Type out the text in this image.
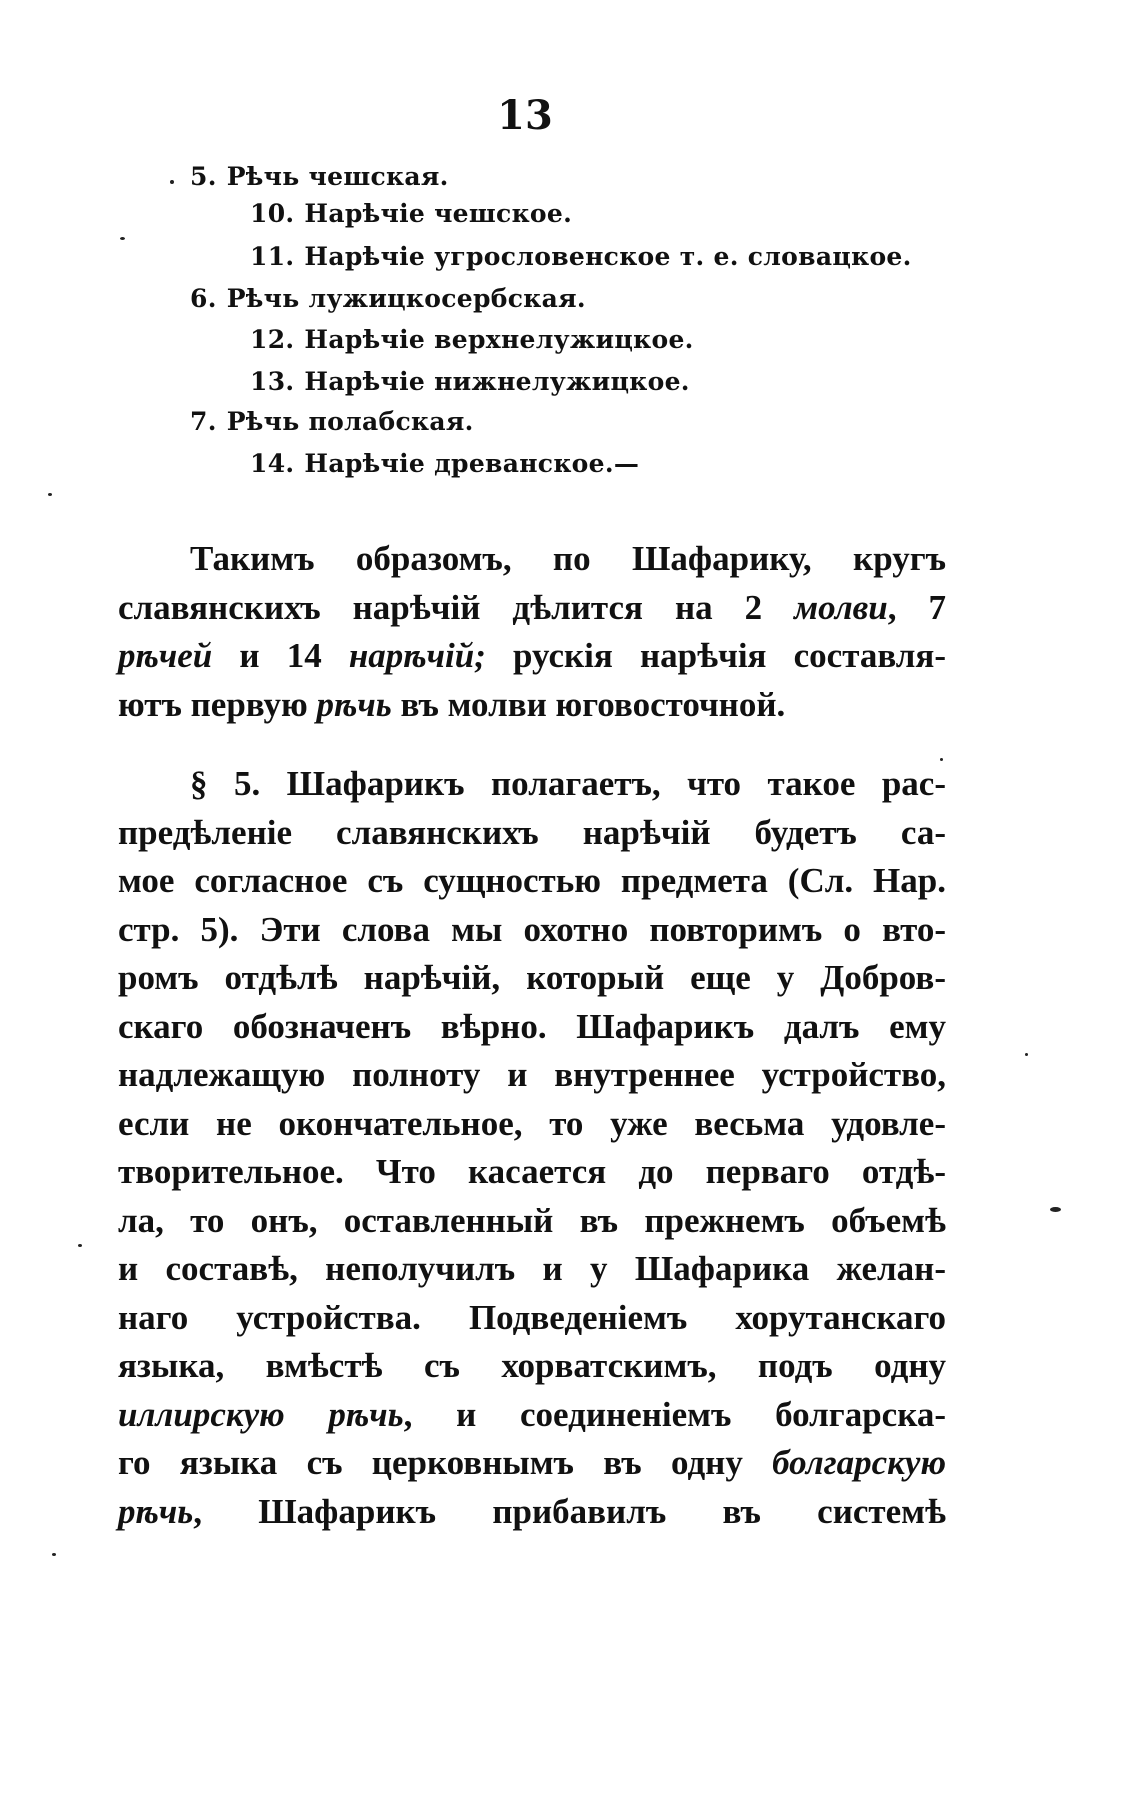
13
5. Рѣчь чешская.
10. Нарѣчіе чешское.
11. Нарѣчіе угрословенское т. е. словацкое.
6. Рѣчь лужицкосербская.
12. Нарѣчіе верхнелужицкое.
13. Нарѣчіе нижнелужицкое.
7. Рѣчь полабская.
14. Нарѣчіе древанское.—
Такимъ образомъ, по Шафарику, кругъ
славянскихъ нарѣчій дѣлится на 2 молви, 7
рѣчей и 14 нарѣчій; рускія нарѣчія составля-
ютъ первую рѣчь въ молви юговосточной.
§ 5. Шафарикъ полагаетъ, что такое рас-
предѣленіе славянскихъ нарѣчій будетъ са-
мое согласное съ сущностью предмета (Сл. Нар.
стр. 5). Эти слова мы охотно повторимъ о вто-
ромъ отдѣлѣ нарѣчій, который еще у Добров-
скаго обозначенъ вѣрно. Шафарикъ далъ ему
надлежащую полноту и внутреннее устройство,
если не окончательное, то уже весьма удовле-
творительное. Что касается до перваго отдѣ-
ла, то онъ, оставленный въ прежнемъ объемѣ
и составѣ, неполучилъ и у Шафарика желан-
наго устройства. Подведеніемъ хорутанскаго
языка, вмѣстѣ съ хорватскимъ, подъ одну
иллирскую рѣчь, и соединеніемъ болгарска-
го языка съ церковнымъ въ одну болгарскую
рѣчь, Шафарикъ прибавилъ въ системѣ
